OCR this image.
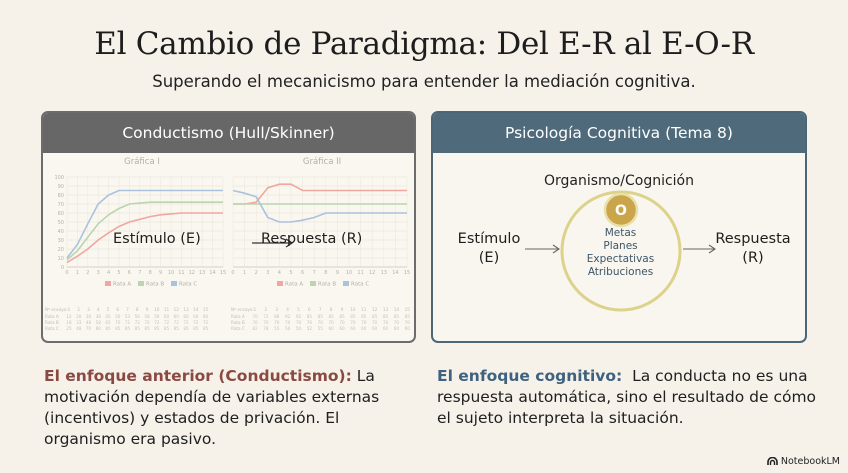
El Cambio de Paradigma: Del E-R al E-O-R
Superando el mecanicismo para entender la mediación cognitiva.
Conductismo (Hull/Skinner)
Gráfica I	Gráfica II
0
10
20
30
40
50
60
70
80
90
100
0 1 2 3 4 5 6 7 8 9 10 11 12 13 14 15 0 1 2 3 4 5 6 7 8 9 10 11 12 13 14 15
Rata A	Rata B	Rata C	Rata A	Rata B	Rata C
Nº ensayo: 1 2 3 4 5 6 7 8 9 10 11 12 13 14 15
Rata A 12 20 30 38 45 50 53 56 58 59 60 60 60 60 60
Rata B 18 33 48 58 65 70 71 72 72 72 72 72 72 72 72
Rata C 25 48 70 80 85 85 85 85 85 85 85 85 85 85 85
Nº ensayo: 1 2 3 4 5 6 7 8 9 10 11 12 13 14 15
Rata A 70 72 88 92 92 85 85 85 85 85 85 85 85 85 85
Rata B 70 70 70 70 70 70 70 70 70 70 70 70 70 70 70
Rata C 82 78 55 50 50 52 55 60 60 60 60 60 60 60 60
Estímulo (E)	Respuesta (R)
Psicología Cognitiva (Tema 8)
Organismo/Cognición
O
Metas
Planes
Expectativas
Atribuciones
Estímulo
(E)
Respuesta
(R)
El enfoque anterior (Conductismo): La motivación dependía de variables externas (incentivos) y estados de privación. El organismo era pasivo.
El enfoque cognitivo:  La conducta no es una respuesta automática, sino el resultado de cómo el sujeto interpreta la situación.
NotebookLM
